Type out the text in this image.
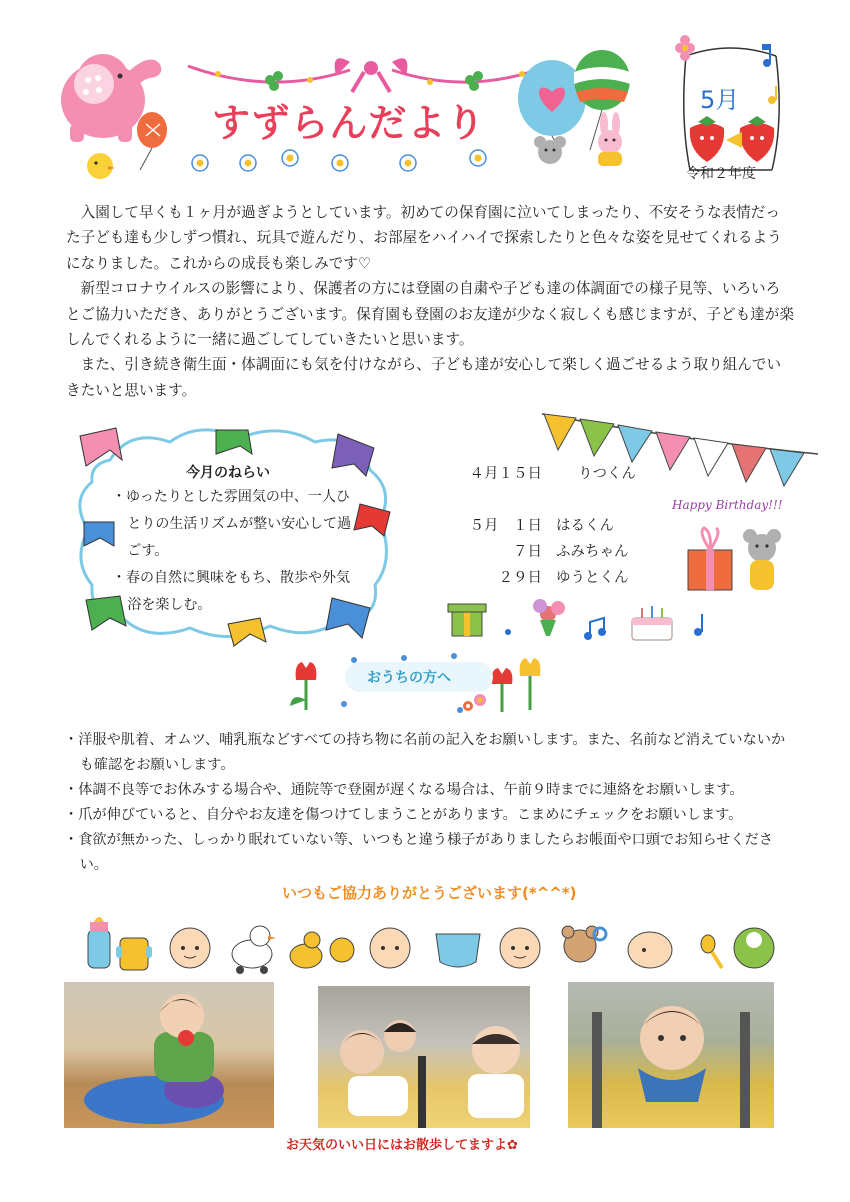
すずらんだより
5月
令和２年度

入園して早くも１ヶ月が過ぎようとしています。初めての保育園に泣いてしまったり、不安そうな表情だった子ども達も少しずつ慣れ、玩具で遊んだり、お部屋をハイハイで探索したりと色々な姿を見せてくれるようになりました。これからの成長も楽しみです♡

新型コロナウイルスの影響により、保護者の方には登園の自粛や子ども達の体調面での様子見等、いろいろとご協力いただき、ありがとうございます。保育園も登園のお友達が少なく寂しくも感じますが、子ども達が楽しんでくれるように一緒に過ごしてしていきたいと思います。

また、引き続き衛生面・体調面にも気を付けながら、子ども達が安心して楽しく過ごせるよう取り組んでいきたいと思います。

今月のねらい
・ゆったりとした雰囲気の中、一人ひとりの生活リズムが整い安心して過ごす。
・春の自然に興味をもち、散歩や外気浴を楽しむ。
４月１５日 りつくん
５月　１日 はるくん
７日 ふみちゃん
２９日 ゆうとくん
Happy Birthday!!!
おうちの方へ
・洋服や肌着、オムツ、哺乳瓶などすべての持ち物に名前の記入をお願いします。また、名前など消えていないかも確認をお願いします。
・体調不良等でお休みする場合や、通院等で登園が遅くなる場合は、午前９時までに連絡をお願いします。
・爪が伸びていると、自分やお友達を傷つけてしまうことがあります。こまめにチェックをお願いします。
・食欲が無かった、しっかり眠れていない等、いつもと違う様子がありましたらお帳面や口頭でお知らせください。
いつもご協力ありがとうございます(*^^*)
お天気のいい日にはお散歩してますよ✿
